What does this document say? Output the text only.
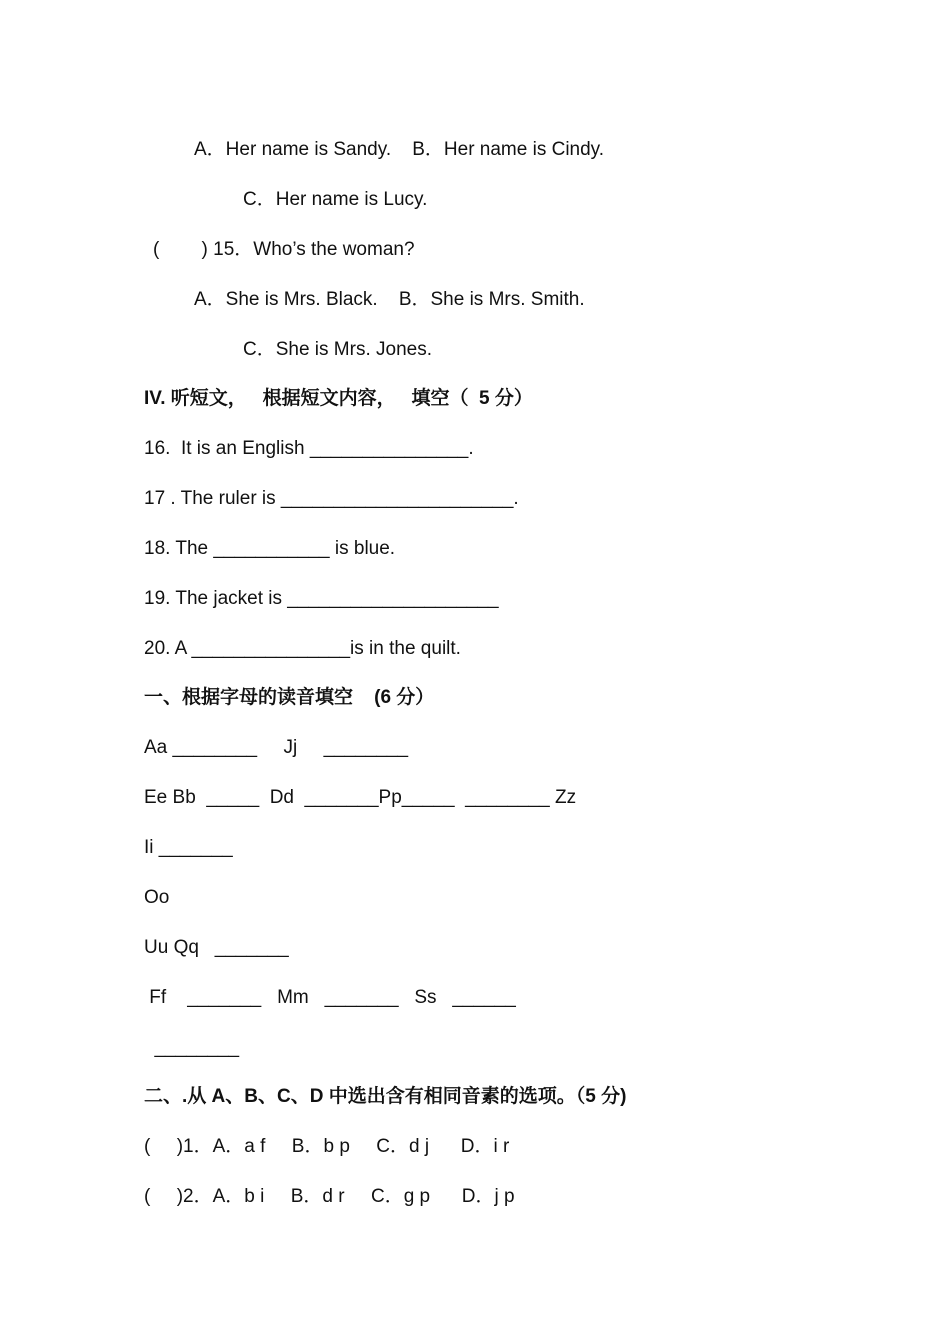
A．Her name is Sandy.    B．Her name is Cindy.
C．Her name is Lucy.
(        ) 15．Who’s the woman?
A．She is Mrs. Black.    B．She is Mrs. Smith.
C．She is Mrs. Jones.
IV. 听短文，   根据短文内容，   填空（  5 分）
16.  It is an English _______________.
17 . The ruler is ______________________.
18. The ___________ is blue.
19. The jacket is ____________________
20. A _______________is in the quilt.
一、根据字母的读音填空    (6 分）
Aa ________     Jj     ________
Ee Bb  _____  Dd  _______Pp_____  ________ Zz
Ii _______
Oo
Uu Qq   _______
Ff    _______   Mm   _______   Ss   ______
________
二、.从 A、B、C、D 中选出含有相同音素的选项。（5 分)
(     )1．A．a f     B．b p     C．d j      D．i r
(     )2．A．b i     B．d r     C．g p      D．j p
